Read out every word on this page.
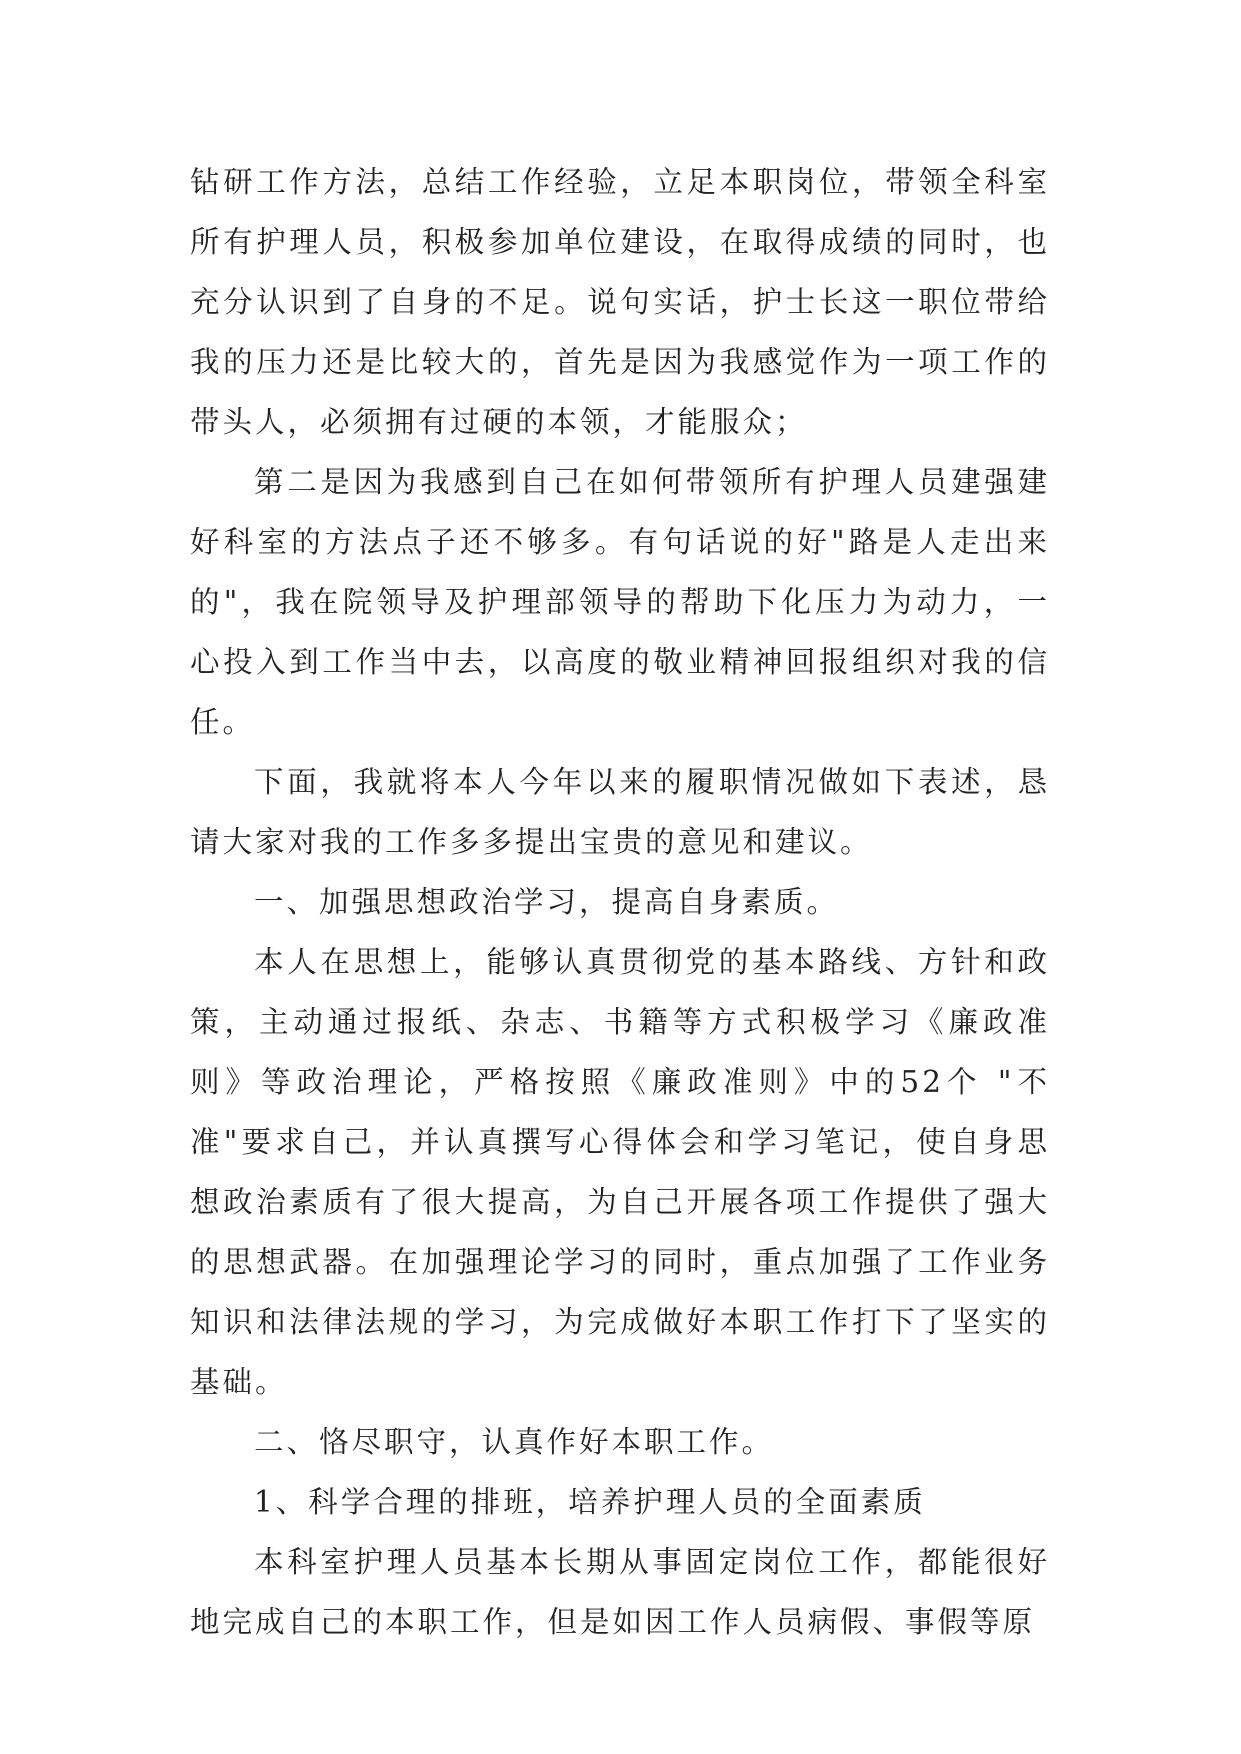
钻研工作方法，总结工作经验，立足本职岗位，带领全科室所有护理人员，积极参加单位建设，在取得成绩的同时，也充分认识到了自身的不足。说句实话，护士长这一职位带给我的压力还是比较大的，首先是因为我感觉作为一项工作的带头人，必须拥有过硬的本领，才能服众；

第二是因为我感到自己在如何带领所有护理人员建强建好科室的方法点子还不够多。有句话说的好"路是人走出来的"，我在院领导及护理部领导的帮助下化压力为动力，一心投入到工作当中去，以高度的敬业精神回报组织对我的信任。

下面，我就将本人今年以来的履职情况做如下表述，恳请大家对我的工作多多提出宝贵的意见和建议。

一、加强思想政治学习，提高自身素质。

本人在思想上，能够认真贯彻党的基本路线、方针和政策，主动通过报纸、杂志、书籍等方式积极学习《廉政准则》等政治理论，严格按照《廉政准则》中的52个 "不准"要求自己，并认真撰写心得体会和学习笔记，使自身思想政治素质有了很大提高，为自己开展各项工作提供了强大的思想武器。在加强理论学习的同时，重点加强了工作业务知识和法律法规的学习，为完成做好本职工作打下了坚实的基础。

二、恪尽职守，认真作好本职工作。

1、科学合理的排班，培养护理人员的全面素质

本科室护理人员基本长期从事固定岗位工作，都能很好地完成自己的本职工作，但是如因工作人员病假、事假等原
